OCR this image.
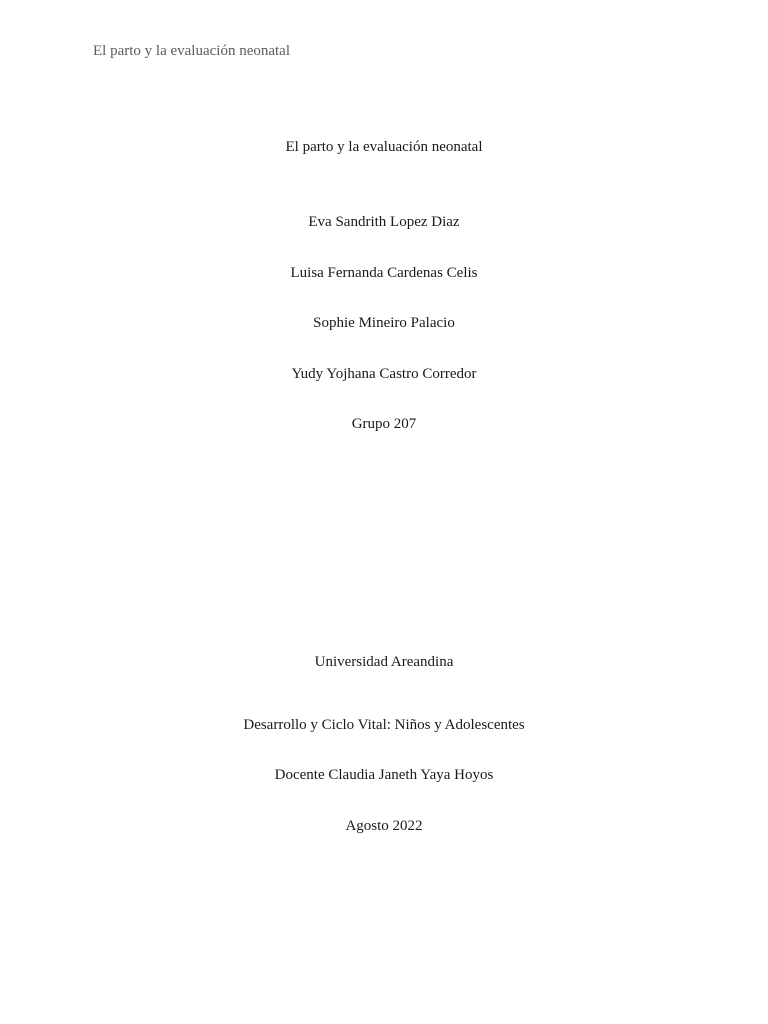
El parto y la evaluación neonatal
El parto y la evaluación neonatal
Eva Sandrith Lopez Diaz
Luisa Fernanda Cardenas Celis
Sophie Mineiro Palacio
Yudy Yojhana Castro Corredor
Grupo 207
Universidad Areandina
Desarrollo y Ciclo Vital: Niños y Adolescentes
Docente Claudia Janeth Yaya Hoyos
Agosto 2022
